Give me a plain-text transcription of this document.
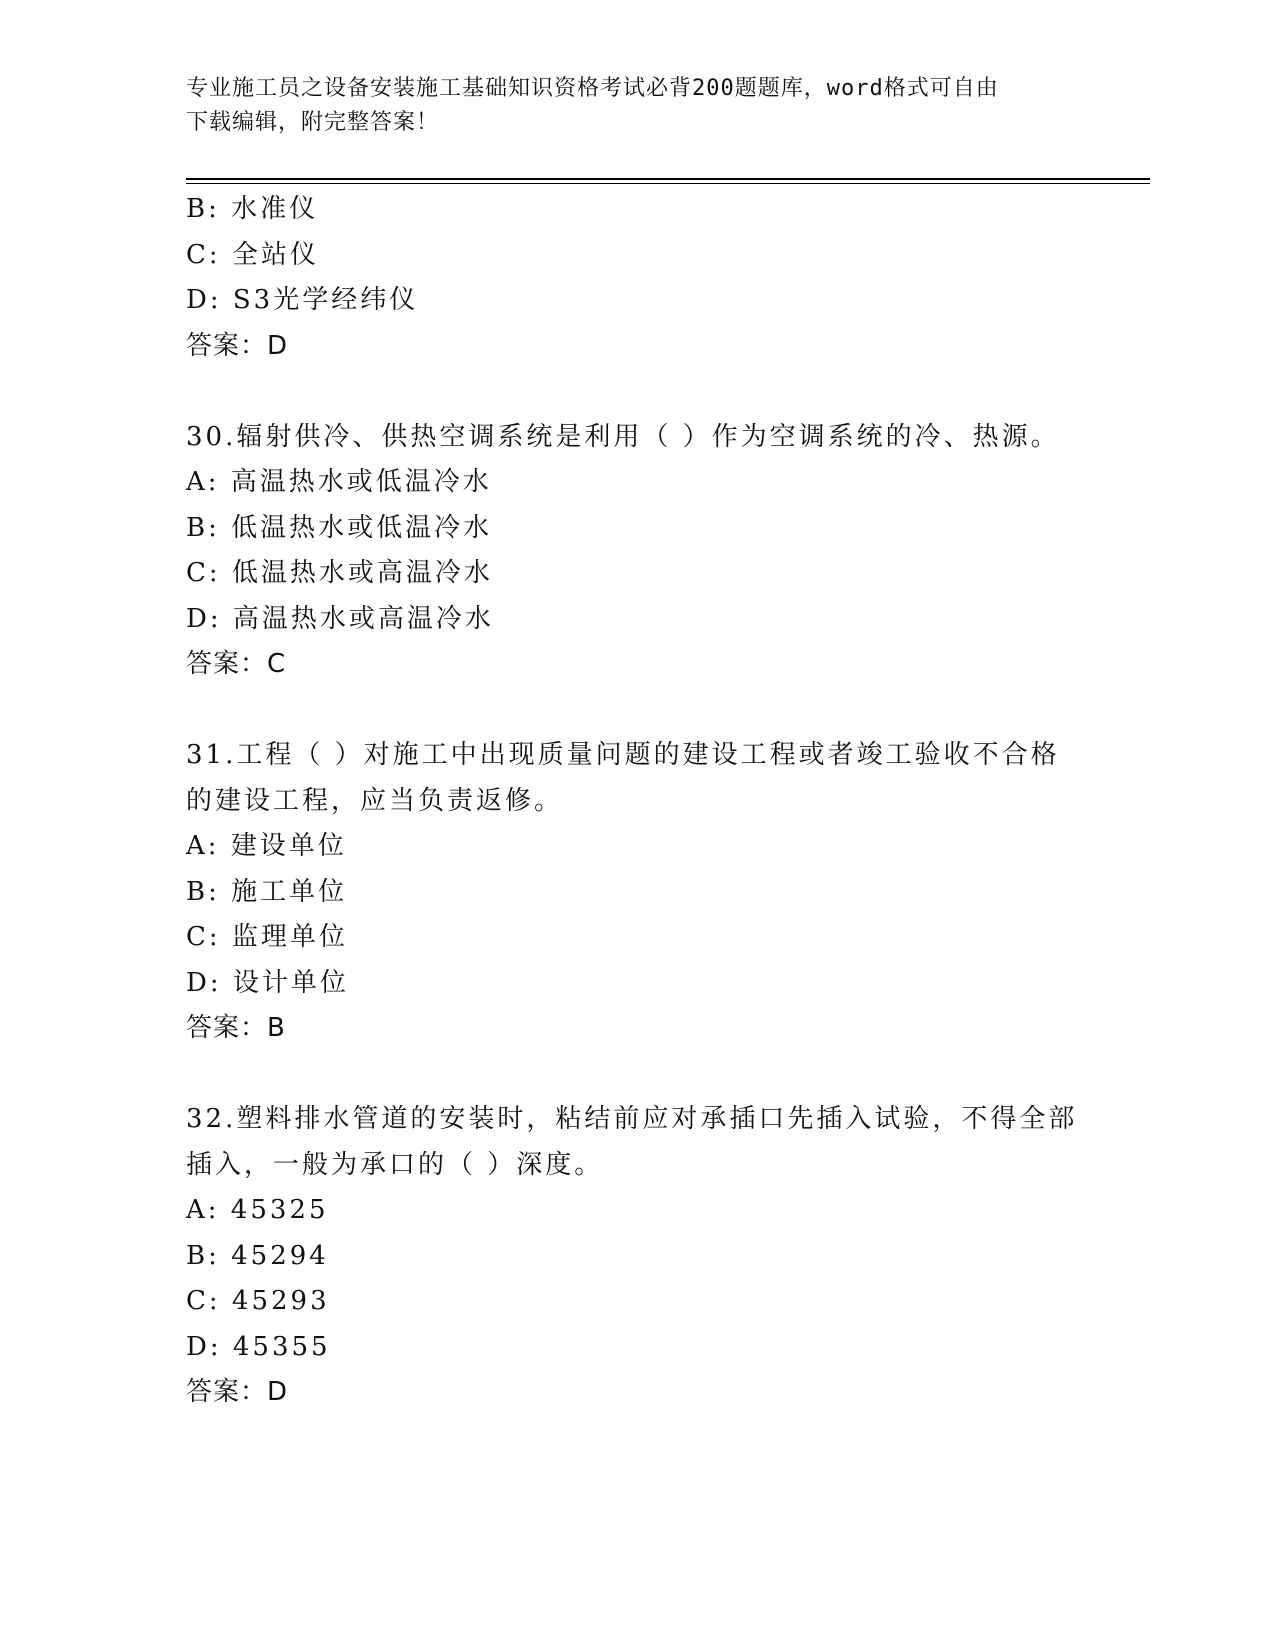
专业施工员之设备安装施工基础知识资格考试必背200题题库，word格式可自由
下载编辑，附完整答案！
B: 水准仪
C: 全站仪
D: S3光学经纬仪
答案：D
30.辐射供冷、供热空调系统是利用（ ）作为空调系统的冷、热源。
A: 高温热水或低温冷水
B: 低温热水或低温冷水
C: 低温热水或高温冷水
D: 高温热水或高温冷水
答案：C
31.工程（ ）对施工中出现质量问题的建设工程或者竣工验收不合格
的建设工程，应当负责返修。
A: 建设单位
B: 施工单位
C: 监理单位
D: 设计单位
答案：B
32.塑料排水管道的安装时，粘结前应对承插口先插入试验，不得全部
插入，一般为承口的（ ）深度。
A: 45325
B: 45294
C: 45293
D: 45355
答案：D
